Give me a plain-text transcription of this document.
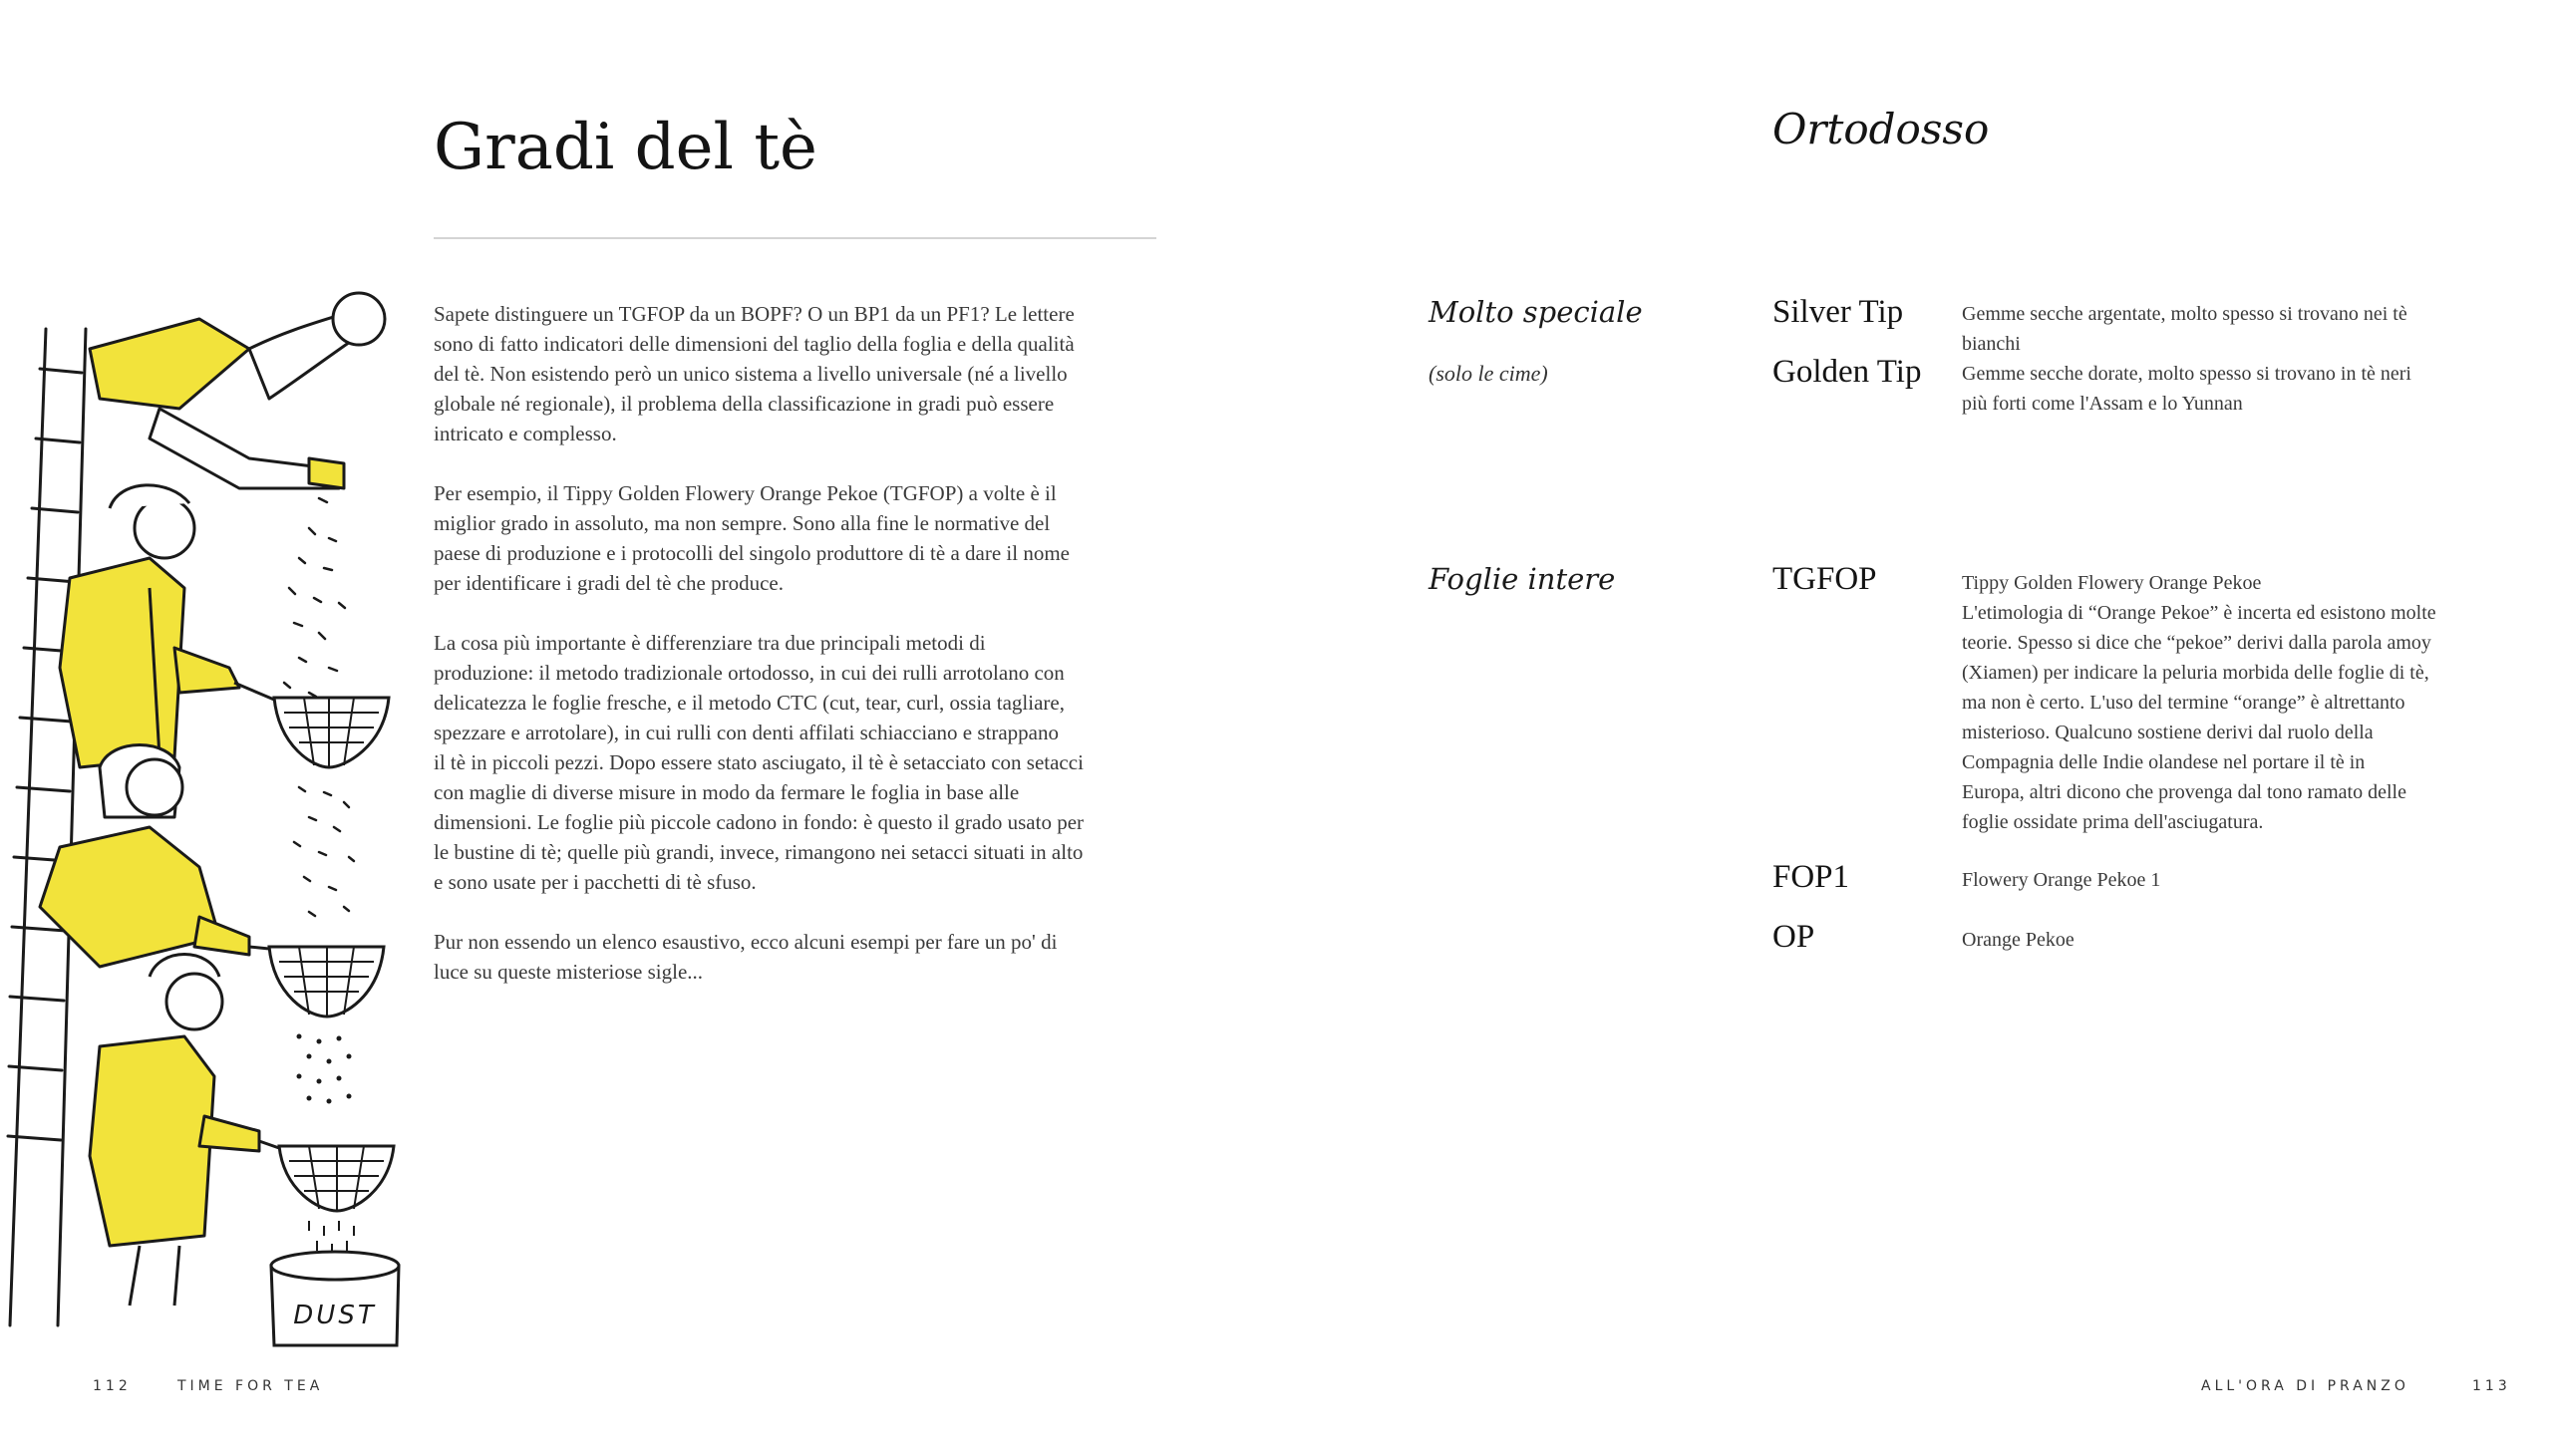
Gradi del tè

Sapete distinguere un TGFOP da un BOPF? O un BP1 da un PF1? Le lettere
sono di fatto indicatori delle dimensioni del taglio della foglia e della qualità
del tè. Non esistendo però un unico sistema a livello universale (né a livello
globale né regionale), il problema della classificazione in gradi può essere
intricato e complesso.

Per esempio, il Tippy Golden Flowery Orange Pekoe (TGFOP) a volte è il
miglior grado in assoluto, ma non sempre. Sono alla fine le normative del
paese di produzione e i protocolli del singolo produttore di tè a dare il nome
per identificare i gradi del tè che produce.

La cosa più importante è differenziare tra due principali metodi di
produzione: il metodo tradizionale ortodosso, in cui dei rulli arrotolano con
delicatezza le foglie fresche, e il metodo CTC (cut, tear, curl, ossia tagliare,
spezzare e arrotolare), in cui rulli con denti affilati schiacciano e strappano
il tè in piccoli pezzi. Dopo essere stato asciugato, il tè è setacciato con setacci
con maglie di diverse misure in modo da fermare le foglia in base alle
dimensioni. Le foglie più piccole cadono in fondo: è questo il grado usato per
le bustine di tè; quelle più grandi, invece, rimangono nei setacci situati in alto
e sono usate per i pacchetti di tè sfuso.

Pur non essendo un elenco esaustivo, ecco alcuni esempi per fare un po' di
luce su queste misteriose sigle...

DUST
112	TIME FOR TEA
Ortodosso
Molto speciale
(solo le cime)
Silver Tip	Gemme secche argentate, molto spesso si trovano nei tè
bianchi
Golden Tip Gemme secche dorate, molto spesso si trovano in tè neri
più forti come l'Assam e lo Yunnan
Foglie intere	TGFOP	Tippy Golden Flowery Orange Pekoe
L'etimologia di “Orange Pekoe” è incerta ed esistono molte
teorie. Spesso si dice che “pekoe” derivi dalla parola amoy
(Xiamen) per indicare la peluria morbida delle foglie di tè,
ma non è certo. L'uso del termine “orange” è altrettanto
misterioso. Qualcuno sostiene derivi dal ruolo della
Compagnia delle Indie olandese nel portare il tè in
Europa, altri dicono che provenga dal tono ramato delle
foglie ossidate prima dell'asciugatura.
FOP1	Flowery Orange Pekoe 1
OP	Orange Pekoe
ALL'ORA DI PRANZO	113
